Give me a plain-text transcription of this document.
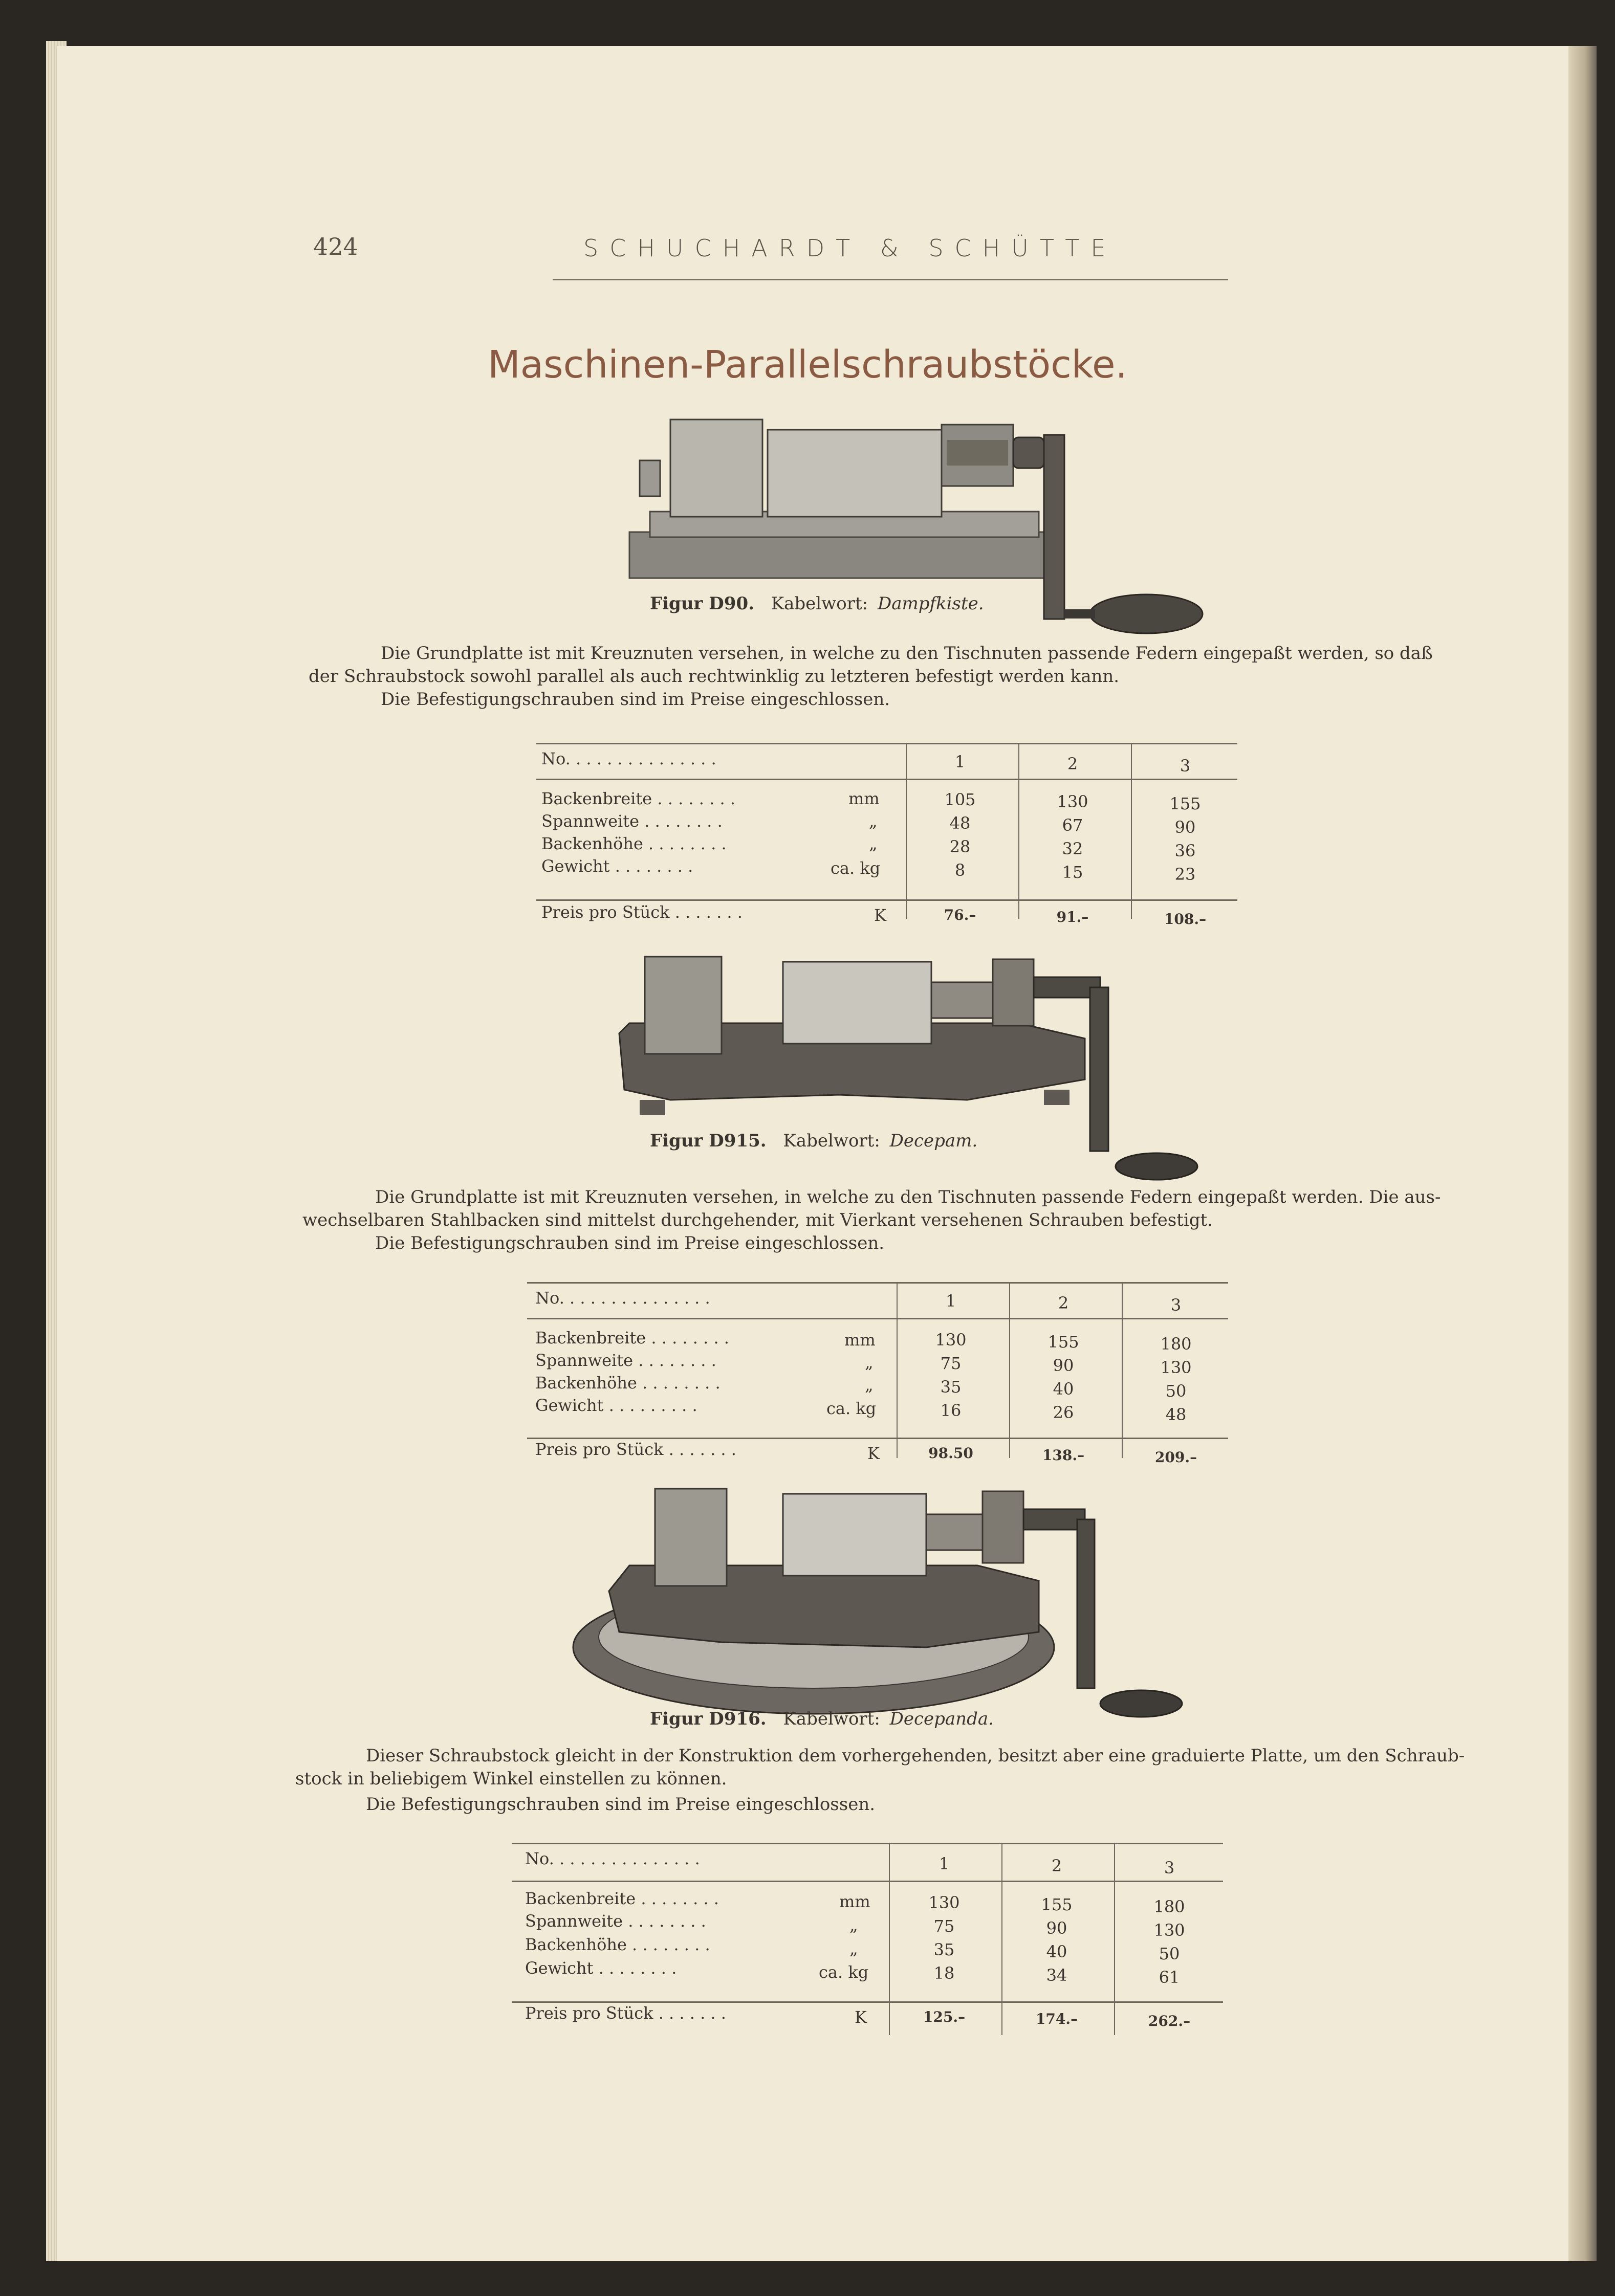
424	SCHUCHARDT & SCHÜTTE
Maschinen-Parallelschraubstöcke.
Figur D90. Kabelwort: Dampfkiste.
Die Grundplatte ist mit Kreuznuten versehen, in welche zu den Tischnuten passende Federn eingepaßt werden, so daß
der Schraubstock sowohl parallel als auch rechtwinklig zu letzteren befestigt werden kann.
Die Befestigungschrauben sind im Preise eingeschlossen.
No. . . . . . . . . . . . . . .	1	2	3
Backenbreite . . . . . . . .	mm	105	130	155
Spannweite . . . . . . . .	„	48	67	90
Backenhöhe . . . . . . . .	„	28	32	36
Gewicht . . . . . . . .	ca. kg	8	15	23
Preis pro Stück . . . . . . .	K	76.–	91.–	108.–
Figur D915. Kabelwort: Decepam.
Die Grundplatte ist mit Kreuznuten versehen, in welche zu den Tischnuten passende Federn eingepaßt werden. Die aus-
wechselbaren Stahlbacken sind mittelst durchgehender, mit Vierkant versehenen Schrauben befestigt.
Die Befestigungschrauben sind im Preise eingeschlossen.
No. . . . . . . . . . . . . . .	1	2	3
Backenbreite . . . . . . . .	mm	130	155	180
Spannweite . . . . . . . .	„	75	90	130
Backenhöhe . . . . . . . .	„	35	40	50
Gewicht . . . . . . . . .	ca. kg	16	26	48
Preis pro Stück . . . . . . .	K	98.50	138.–	209.–
Figur D916. Kabelwort: Decepanda.
Dieser Schraubstock gleicht in der Konstruktion dem vorhergehenden, besitzt aber eine graduierte Platte, um den Schraub-
stock in beliebigem Winkel einstellen zu können.
Die Befestigungschrauben sind im Preise eingeschlossen.
No. . . . . . . . . . . . . . .	1	2	3
Backenbreite . . . . . . . .	mm	130	155	180
Spannweite . . . . . . . .	„	75	90	130
Backenhöhe . . . . . . . .	„	35	40	50
Gewicht . . . . . . . .	ca. kg	18	34	61
Preis pro Stück . . . . . . .	K	125.–	174.–	262.–
